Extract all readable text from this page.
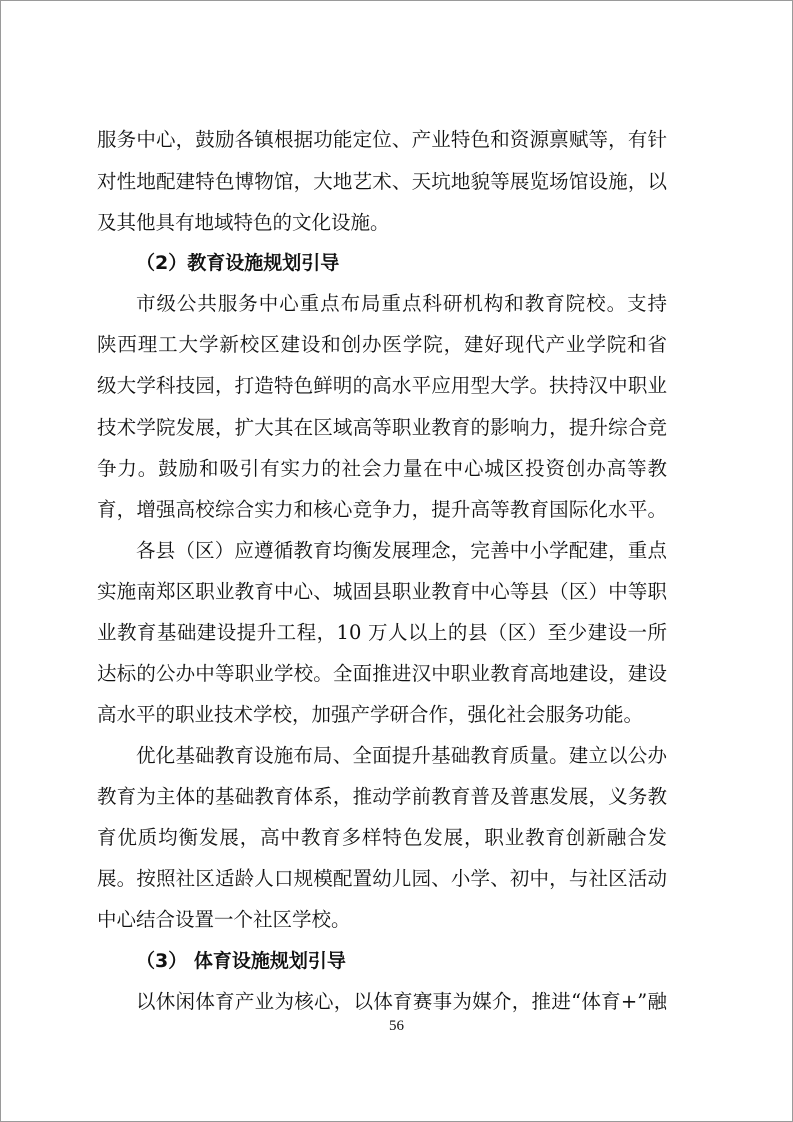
服务中心，鼓励各镇根据功能定位、产业特色和资源禀赋等，有针
对性地配建特色博物馆，大地艺术、天坑地貌等展览场馆设施，以
及其他具有地域特色的文化设施。
（2）教育设施规划引导
市级公共服务中心重点布局重点科研机构和教育院校。支持
陕西理工大学新校区建设和创办医学院，建好现代产业学院和省
级大学科技园，打造特色鲜明的高水平应用型大学。扶持汉中职业
技术学院发展，扩大其在区域高等职业教育的影响力，提升综合竞
争力。鼓励和吸引有实力的社会力量在中心城区投资创办高等教
育，增强高校综合实力和核心竞争力，提升高等教育国际化水平。
各县（区）应遵循教育均衡发展理念，完善中小学配建，重点
实施南郑区职业教育中心、城固县职业教育中心等县（区）中等职
业教育基础建设提升工程，10 万人以上的县（区）至少建设一所
达标的公办中等职业学校。全面推进汉中职业教育高地建设，建设
高水平的职业技术学校，加强产学研合作，强化社会服务功能。
优化基础教育设施布局、全面提升基础教育质量。建立以公办
教育为主体的基础教育体系，推动学前教育普及普惠发展，义务教
育优质均衡发展，高中教育多样特色发展，职业教育创新融合发
展。按照社区适龄人口规模配置幼儿园、小学、初中，与社区活动
中心结合设置一个社区学校。
（3） 体育设施规划引导
以休闲体育产业为核心，以体育赛事为媒介，推进“体育+”融
56
